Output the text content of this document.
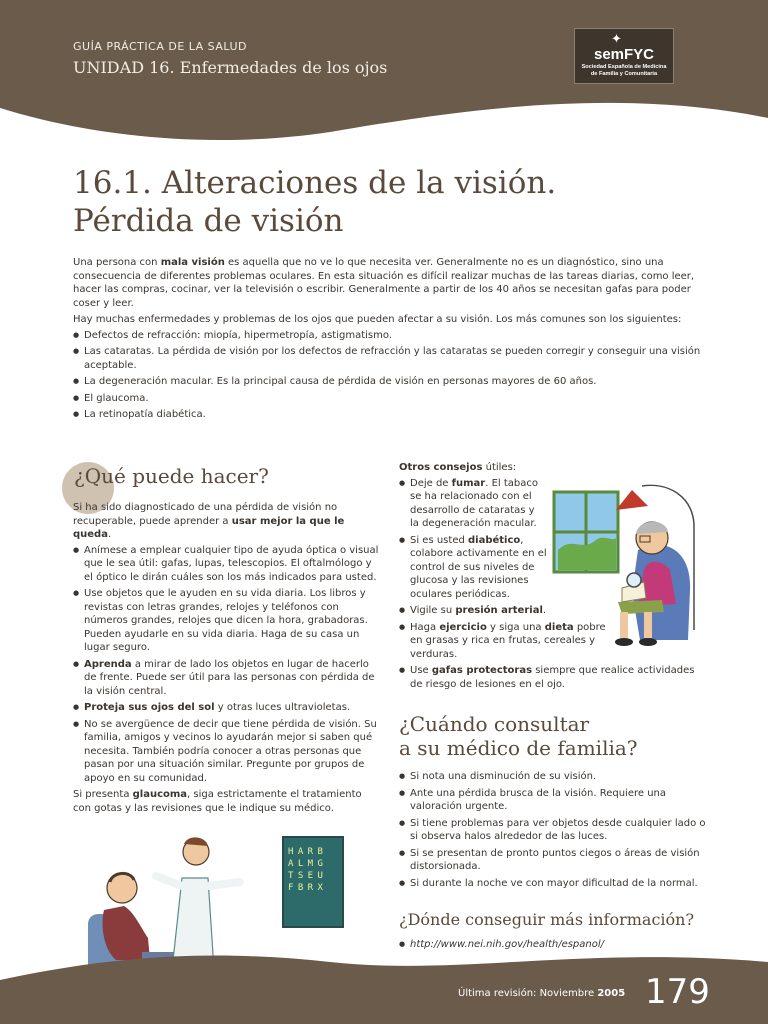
GUÍA PRÁCTICA DE LA SALUD
UNIDAD 16. Enfermedades de los ojos
✦
semFYC
Sociedad Española de Medicina
de Familia y Comunitaria
16.1. Alteraciones de la visión.
Pérdida de visión

Una persona con mala visión es aquella que no ve lo que necesita ver. Generalmente no es un diagnóstico, sino una consecuencia de diferentes problemas oculares. En esta situación es difícil realizar muchas de las tareas diarias, como leer, hacer las compras, cocinar, ver la televisión o escribir. Generalmente a partir de los 40 años se necesitan gafas para poder coser y leer.

Hay muchas enfermedades y problemas de los ojos que pueden afectar a su visión. Los más comunes son los siguientes:

● Defectos de refracción: miopía, hipermetropía, astigmatismo.
● Las cataratas. La pérdida de visión por los defectos de refracción y las cataratas se pueden corregir y conseguir una visión aceptable.
● La degeneración macular. Es la principal causa de pérdida de visión en personas mayores de 60 años.
● El glaucoma.
● La retinopatía diabética.
¿Qué puede hacer?

Si ha sido diagnosticado de una pérdida de visión no recuperable, puede aprender a usar mejor la que le queda.

● Anímese a emplear cualquier tipo de ayuda óptica o visual que le sea útil: gafas, lupas, telescopios. El oftalmólogo y el óptico le dirán cuáles son los más indicados para usted.
● Use objetos que le ayuden en su vida diaria. Los libros y revistas con letras grandes, relojes y teléfonos con números grandes, relojes que dicen la hora, grabadoras. Pueden ayudarle en su vida diaria. Haga de su casa un lugar seguro.
● Aprenda a mirar de lado los objetos en lugar de hacerlo de frente. Puede ser útil para las personas con pérdida de la visión central.
● Proteja sus ojos del sol y otras luces ultravioletas.
● No se avergüence de decir que tiene pérdida de visión. Su familia, amigos y vecinos lo ayudarán mejor si saben qué necesita. También podría conocer a otras personas que pasan por una situación similar. Pregunte por grupos de apoyo en su comunidad.

Si presenta glaucoma, siga estrictamente el tratamiento con gotas y las revisiones que le indique su médico.

H A R B
A L M G
T S E U
F B R X

Otros consejos útiles:

● Deje de fumar. El tabaco se ha relacionado con el desarrollo de cataratas y la degeneración macular.
● Si es usted diabético, colabore activamente en el control de sus niveles de glucosa y las revisiones oculares periódicas.
● Vigile su presión arterial.
● Haga ejercicio y siga una dieta pobre en grasas y rica en frutas, cereales y verduras.
● Use gafas protectoras siempre que realice actividades de riesgo de lesiones en el ojo.
¿Cuándo consultar
a su médico de familia?
● Si nota una disminución de su visión.
● Ante una pérdida brusca de la visión. Requiere una valoración urgente.
● Si tiene problemas para ver objetos desde cualquier lado o si observa halos alrededor de las luces.
● Si se presentan de pronto puntos ciegos o áreas de visión distorsionada.
● Si durante la noche ve con mayor dificultad de la normal.
¿Dónde conseguir más información?
● http://www.nei.nih.gov/health/espanol/
Última revisión: Noviembre 2005 179
